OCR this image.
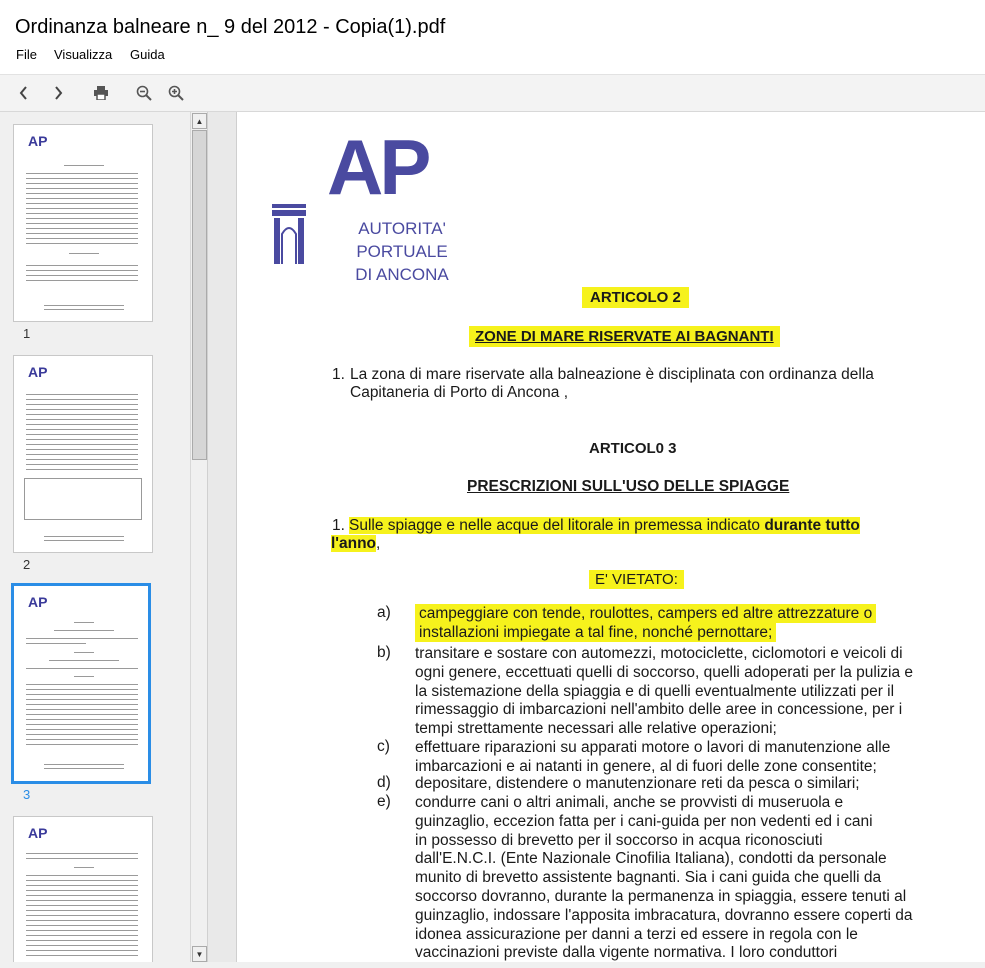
Ordinanza balneare n_ 9 del 2012 - Copia(1).pdf
File Visualizza Guida
AP
1
AP
2
AP
3
AP
▲
▼
AP
AUTORITA' PORTUALE
DI ANCONA
ARTICOLO 2
ZONE DI MARE RISERVATE AI BAGNANTI
1. La zona di mare riservate alla balneazione è disciplinata con ordinanza della
Capitaneria di Porto di Ancona ,
ARTICOL0 3
PRESCRIZIONI SULL'USO DELLE SPIAGGE
1. Sulle spiagge e nelle acque del litorale in premessa indicato durante tutto
l'anno,
E' VIETATO:
a) campeggiare con tende, roulottes, campers ed altre attrezzature o
installazioni impiegate a tal fine, nonché pernottare;
b) transitare e sostare con automezzi, motociclette, ciclomotori e veicoli di
ogni genere, eccettuati quelli di soccorso, quelli adoperati per la pulizia e
la sistemazione della spiaggia e di quelli eventualmente utilizzati per il
rimessaggio di imbarcazioni nell'ambito delle aree in concessione, per i
tempi strettamente necessari alle relative operazioni;
c) effettuare riparazioni su apparati motore o lavori di manutenzione alle
imbarcazioni e ai natanti in genere, al di fuori delle zone consentite;
d) depositare, distendere o manutenzionare reti da pesca o similari;
e) condurre cani o altri animali, anche se provvisti di museruola e
guinzaglio, eccezion fatta per i cani-guida per non vedenti ed i cani
in possesso di brevetto per il soccorso in acqua riconosciuti
dall'E.N.C.I. (Ente Nazionale Cinofilia Italiana), condotti da personale
munito di brevetto assistente bagnanti. Sia i cani guida che quelli da
soccorso dovranno, durante la permanenza in spiaggia, essere tenuti al
guinzaglio, indossare l'apposita imbracatura, dovranno essere coperti da
idonea assicurazione per danni a terzi ed essere in regola con le
vaccinazioni previste dalla vigente normativa. I loro conduttori
